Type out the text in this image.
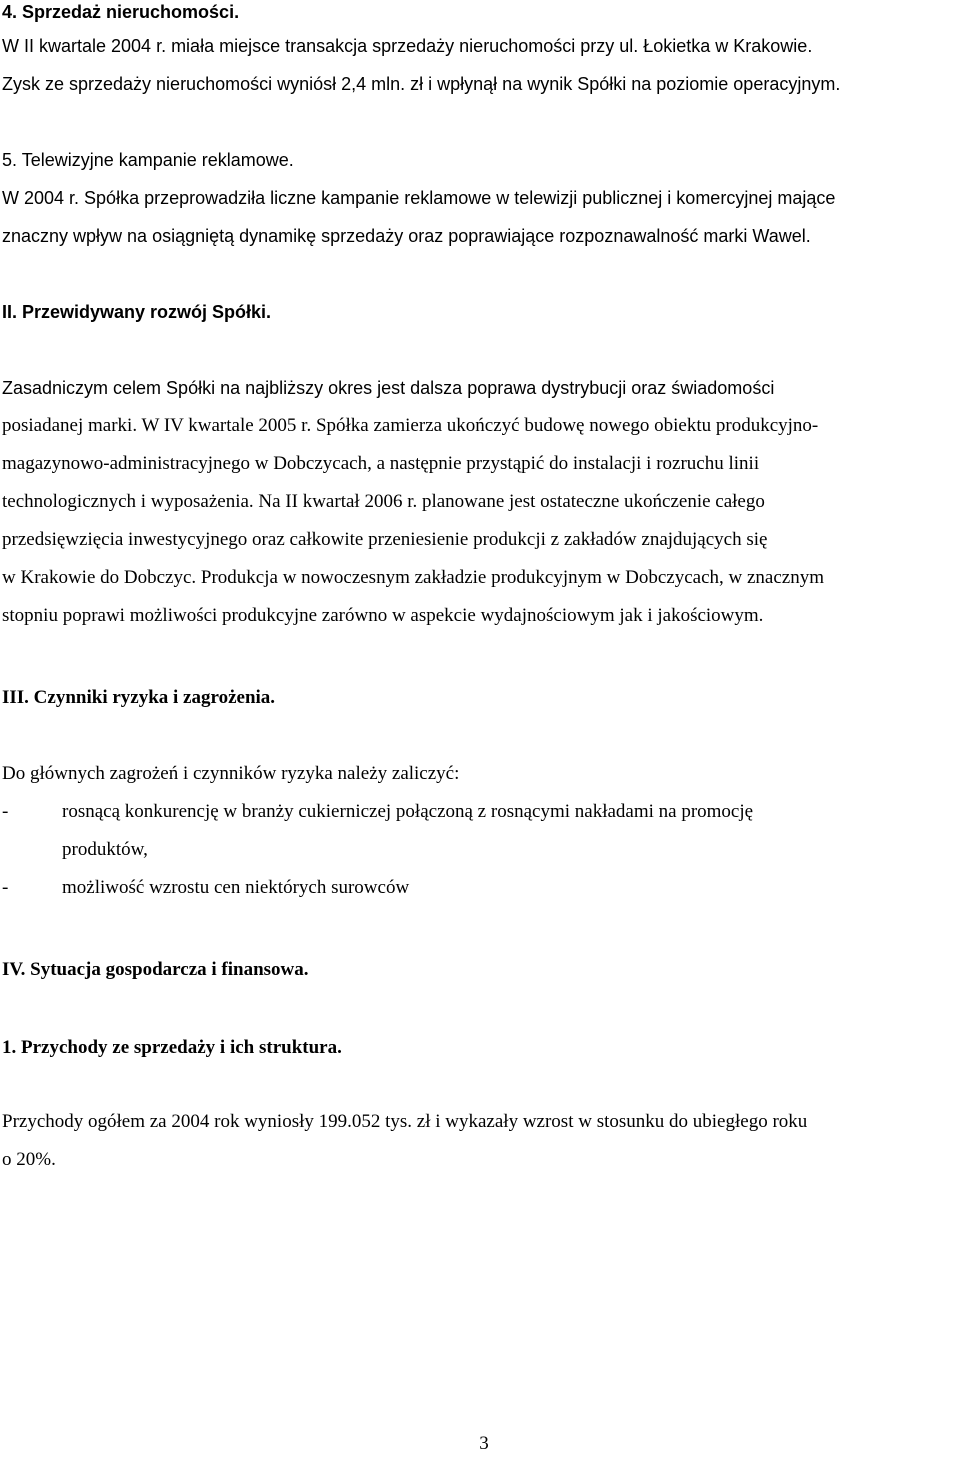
4. Sprzedaż nieruchomości.
W II kwartale 2004 r. miała miejsce transakcja sprzedaży nieruchomości przy ul. Łokietka w Krakowie.
Zysk ze sprzedaży nieruchomości wyniósł 2,4 mln. zł i wpłynął na wynik Spółki na poziomie operacyjnym.
5. Telewizyjne kampanie reklamowe.
W 2004 r. Spółka przeprowadziła liczne kampanie reklamowe w telewizji publicznej i komercyjnej mające
znaczny wpływ na osiągniętą dynamikę sprzedaży oraz poprawiające rozpoznawalność marki Wawel.
II. Przewidywany rozwój Spółki.
Zasadniczym celem Spółki na najbliższy okres jest dalsza poprawa dystrybucji oraz świadomości
posiadanej marki. W IV kwartale 2005 r. Spółka zamierza ukończyć budowę nowego obiektu produkcyjno-
magazynowo-administracyjnego w Dobczycach, a następnie przystąpić do instalacji i rozruchu linii
technologicznych i wyposażenia. Na II kwartał 2006 r. planowane jest ostateczne ukończenie całego
przedsięwzięcia inwestycyjnego oraz całkowite przeniesienie produkcji z zakładów znajdujących się
w Krakowie do Dobczyc. Produkcja w nowoczesnym zakładzie produkcyjnym w Dobczycach, w znacznym
stopniu poprawi możliwości produkcyjne zarówno w aspekcie wydajnościowym jak i jakościowym.
III. Czynniki ryzyka i zagrożenia.
Do głównych zagrożeń i czynników ryzyka należy zaliczyć:
-	rosnącą konkurencję w branży cukierniczej połączoną z rosnącymi nakładami na promocję
produktów,
-	możliwość wzrostu cen niektórych surowców
IV. Sytuacja gospodarcza i finansowa.
1. Przychody ze sprzedaży i ich struktura.
Przychody ogółem za 2004 rok wyniosły 199.052 tys. zł i wykazały wzrost w stosunku do ubiegłego roku
o 20%.
3
